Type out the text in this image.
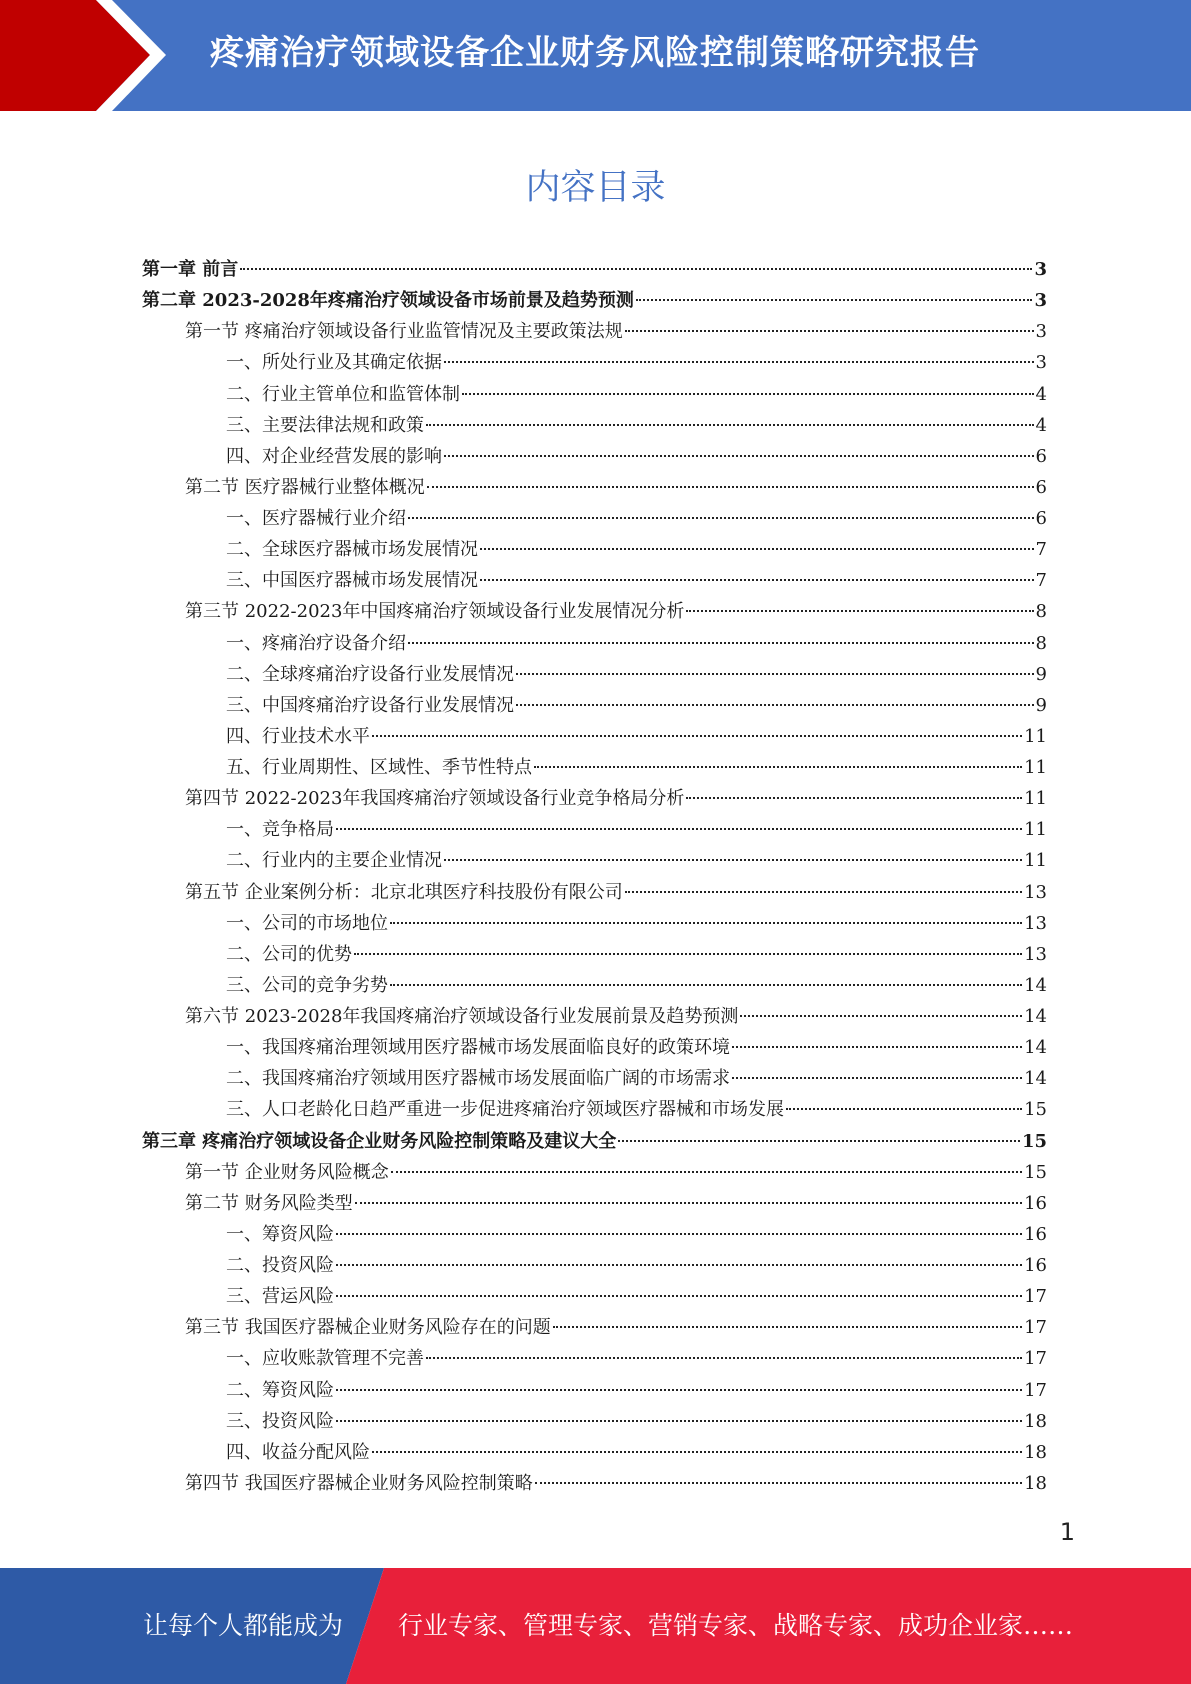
疼痛治疗领域设备企业财务风险控制策略研究报告
内容目录
第一章 前言	3
第二章 2023-2028年疼痛治疗领域设备市场前景及趋势预测	3
第一节 疼痛治疗领域设备行业监管情况及主要政策法规	3
一、所处行业及其确定依据	3
二、行业主管单位和监管体制	4
三、主要法律法规和政策	4
四、对企业经营发展的影响	6
第二节 医疗器械行业整体概况	6
一、医疗器械行业介绍	6
二、全球医疗器械市场发展情况	7
三、中国医疗器械市场发展情况	7
第三节 2022-2023年中国疼痛治疗领域设备行业发展情况分析	8
一、疼痛治疗设备介绍	8
二、全球疼痛治疗设备行业发展情况	9
三、中国疼痛治疗设备行业发展情况	9
四、行业技术水平	11
五、行业周期性、区域性、季节性特点	11
第四节 2022-2023年我国疼痛治疗领域设备行业竞争格局分析	11
一、竞争格局	11
二、行业内的主要企业情况	11
第五节 企业案例分析：北京北琪医疗科技股份有限公司	13
一、公司的市场地位	13
二、公司的优势	13
三、公司的竞争劣势	14
第六节 2023-2028年我国疼痛治疗领域设备行业发展前景及趋势预测	14
一、我国疼痛治理领域用医疗器械市场发展面临良好的政策环境	14
二、我国疼痛治疗领域用医疗器械市场发展面临广阔的市场需求	14
三、人口老龄化日趋严重进一步促进疼痛治疗领域医疗器械和市场发展	15
第三章 疼痛治疗领域设备企业财务风险控制策略及建议大全	15
第一节 企业财务风险概念	15
第二节 财务风险类型	16
一、筹资风险	16
二、投资风险	16
三、营运风险	17
第三节 我国医疗器械企业财务风险存在的问题	17
一、应收账款管理不完善	17
二、筹资风险	17
三、投资风险	18
四、收益分配风险	18
第四节 我国医疗器械企业财务风险控制策略	18
1
让每个人都能成为 行业专家、管理专家、营销专家、战略专家、成功企业家……
